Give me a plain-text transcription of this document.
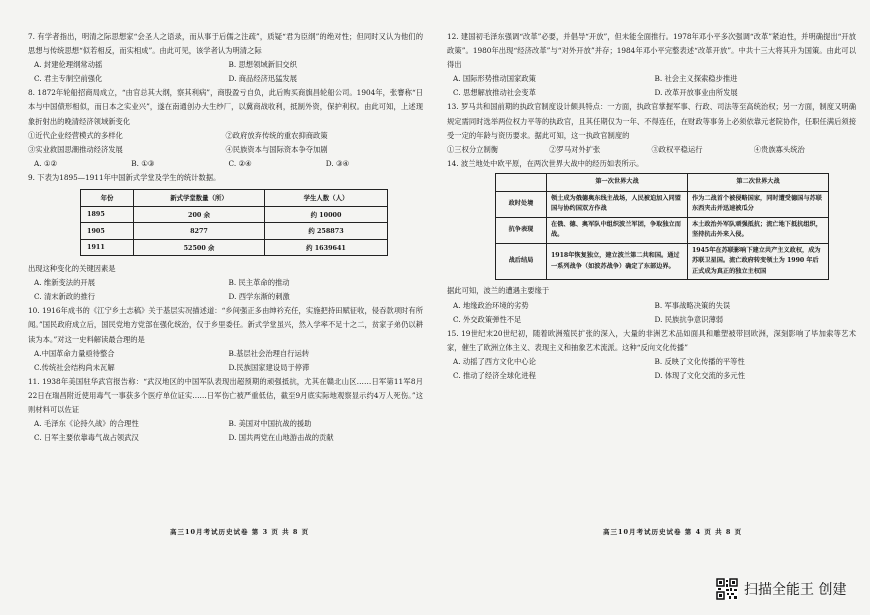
7. 有学者指出，明清之际思想家“会圣人之语录，而从事于后儒之注疏”，质疑“君为臣纲”的绝对性；但同时又认为他们的思想与传统思想“似若相反，而实相成”。由此可见，该学者认为明清之际
A. 封建伦理纲常动摇	B. 思想领域新旧交织
C. 君主专制空前强化	D. 商品经济迅猛发展
8. 1872年轮船招商局成立，“由官总其大纲，察其利病”，商股盈亏自负，此后购买商旗昌轮船公司。1904年，张謇称“日本与中国债形相似，而日本之实业兴”，遂在南通创办大生纱厂，以冀商战收利，抵制外资，保护利权。由此可知，上述现象折射出的晚清经济领域新变化
①近代企业经营模式的多样化	②政府放弃传统的重农抑商政策
③实业救国思潮推动经济发展	④民族资本与国际资本争夺加剧
A. ①②	B. ①③	C. ②④	D. ③④
9. 下表为1895—1911年中国新式学堂及学生的统计数据。
年份	新式学堂数量（所）	学生人数（人）
1895	200 余	约 10000
1905	8277	约 258873
1911	52500 余	约 1639641
出现这种变化的关键因素是
A. 维新变法的开展	B. 民主革命的推动
C. 清末新政的推行	D. 西学东渐的刺激
10. 1916年成书的《江宁乡土志稿》关于基层实况描述道：“乡间强正多由绅衿充任，实施把持田赋征收，侵吞款项时有所闻。”国民政府成立后，国民党地方党部在强化统治，仅于乡里委任。新式学堂虽兴，然入学率不足十之二，贫家子弟仍以耕读为本。”对这一史料解读最合理的是
A.中国革命力量亟待整合	B.基层社会治理自行运转
C.传统社会结构尚未瓦解	D.民族国家建设局于停滞
11. 1938年美国驻华武官报告称：“武汉地区的中国军队表现出超预期的顽强抵抗，尤其在赣北山区……日军第11军8月22日在瑞昌附近使用毒气一事获多个医疗单位证实……日军伤亡被严重低估，截至9月底实际地观察显示约4万人死伤。”这则材料可以佐证
A. 毛泽东《论持久战》的合理性	B. 美国对中国抗战的援助
C. 日军主要依靠毒气战占领武汉	D. 国共两党在山地游击战的贡献
高三10月考试历史试卷 第 3 页 共 8 页
12. 建国初毛泽东强调“改革”必要，并倡导“开放”，但未能全面推行。1978年邓小平多次强调“改革”紧迫性，并明确提出“开放政策”。1980年出现“经济改革”与“对外开放”并存；1984年邓小平完整表述“改革开放”。中共十三大将其升为国策。由此可以得出
A. 国际形势推动国家政策	B. 社会主义探索稳步推进
C. 思想解放推动社会变革	D. 改革开放事业由所发展
13. 罗马共和国前期的执政官制度设计颇具特点：一方面，执政官掌握军事、行政、司法等至高统治权；另一方面，制度又明确规定需同时选举两位权力平等的执政官，且其任期仅为一年、不得连任，在财政等事务上必须依靠元老院协作，任职任满后须接受一定的年龄与资历要求。据此可知，这一执政官制度的
①三权分立制衡	②罗马对外扩张	③政权平稳运行	④贵族寡头统治
14. 波兰地处中欧平原，在两次世界大战中的经历如表所示。
	第一次世界大战	第二次世界大战
政时处境	领土成为俄德奥东线主战场，人民被迫加入同盟国与协约国双方作战	作为二战首个被侵略国家，同时遭受德国与苏联东西夹击并迅速被瓜分
抗争表现	在俄、德、奥军队中组织波兰军团，争取独立而战。	本土政治外军队顽强抵抗；流亡地下抵抗组织，坚持抗击外来入侵。
战后结局	1918年恢复独立，建立波兰第二共和国。通过一系列战争（如波苏战争）确定了东部边界。	1945年在苏联影响下建立共产主义政权，成为苏联卫星国。流亡政府转变领土为 1990 年后正式成为真正的独立主权国
据此可知，波兰的遭遇主要缘于
A. 地缘政治环境的劣势	B. 军事战略决策的失误
C. 外交政策弹性不足	D. 民族抗争意识薄弱
15. 19世纪末20世纪初，随着欧洲殖民扩张的深入，大量的非洲艺术品如面具和雕塑被带回欧洲，深刻影响了毕加索等艺术家，催生了欧洲立体主义、表现主义和抽象艺术流派。这种“反向文化传播”
A. 动摇了西方文化中心论	B. 反映了文化传播的平等性
C. 推动了经济全球化进程	D. 体现了文化交流的多元性
高三10月考试历史试卷 第 4 页 共 8 页
扫描全能王 创建
